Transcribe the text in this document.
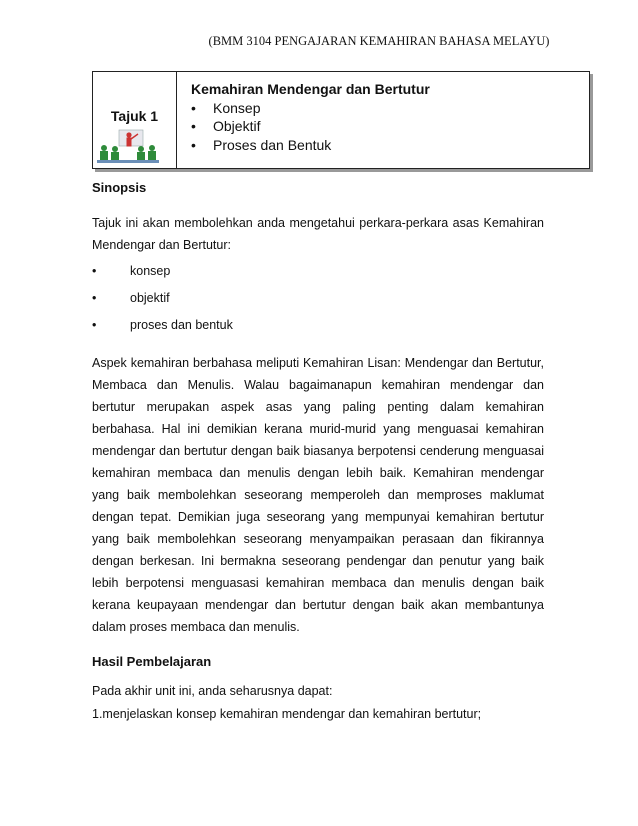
(BMM 3104 PENGAJARAN KEMAHIRAN BAHASA MELAYU)
Tajuk 1
Kemahiran Mendengar dan Bertutur
•	Konsep
•	Objektif
•	Proses dan Bentuk
Sinopsis
Tajuk ini akan membolehkan anda mengetahui perkara-perkara asas Kemahiran Mendengar dan Bertutur:
•	konsep
•	objektif
•	proses dan bentuk
Aspek kemahiran berbahasa meliputi Kemahiran Lisan: Mendengar dan Bertutur, Membaca dan Menulis. Walau bagaimanapun kemahiran mendengar dan bertutur merupakan aspek asas yang paling penting dalam kemahiran berbahasa. Hal ini demikian kerana murid-murid yang menguasai kemahiran mendengar dan bertutur dengan baik biasanya berpotensi cenderung menguasai kemahiran membaca dan menulis dengan lebih baik. Kemahiran mendengar yang baik membolehkan seseorang memperoleh dan memproses maklumat dengan tepat. Demikian juga seseorang yang mempunyai kemahiran bertutur yang baik membolehkan seseorang menyampaikan perasaan dan fikirannya dengan berkesan. Ini bermakna seseorang pendengar dan penutur yang baik lebih berpotensi menguasasi kemahiran membaca dan menulis dengan baik kerana keupayaan mendengar dan bertutur dengan baik akan membantunya dalam proses membaca dan menulis.
Hasil Pembelajaran
Pada akhir unit ini, anda seharusnya dapat:
1.menjelaskan konsep kemahiran mendengar dan kemahiran bertutur;
